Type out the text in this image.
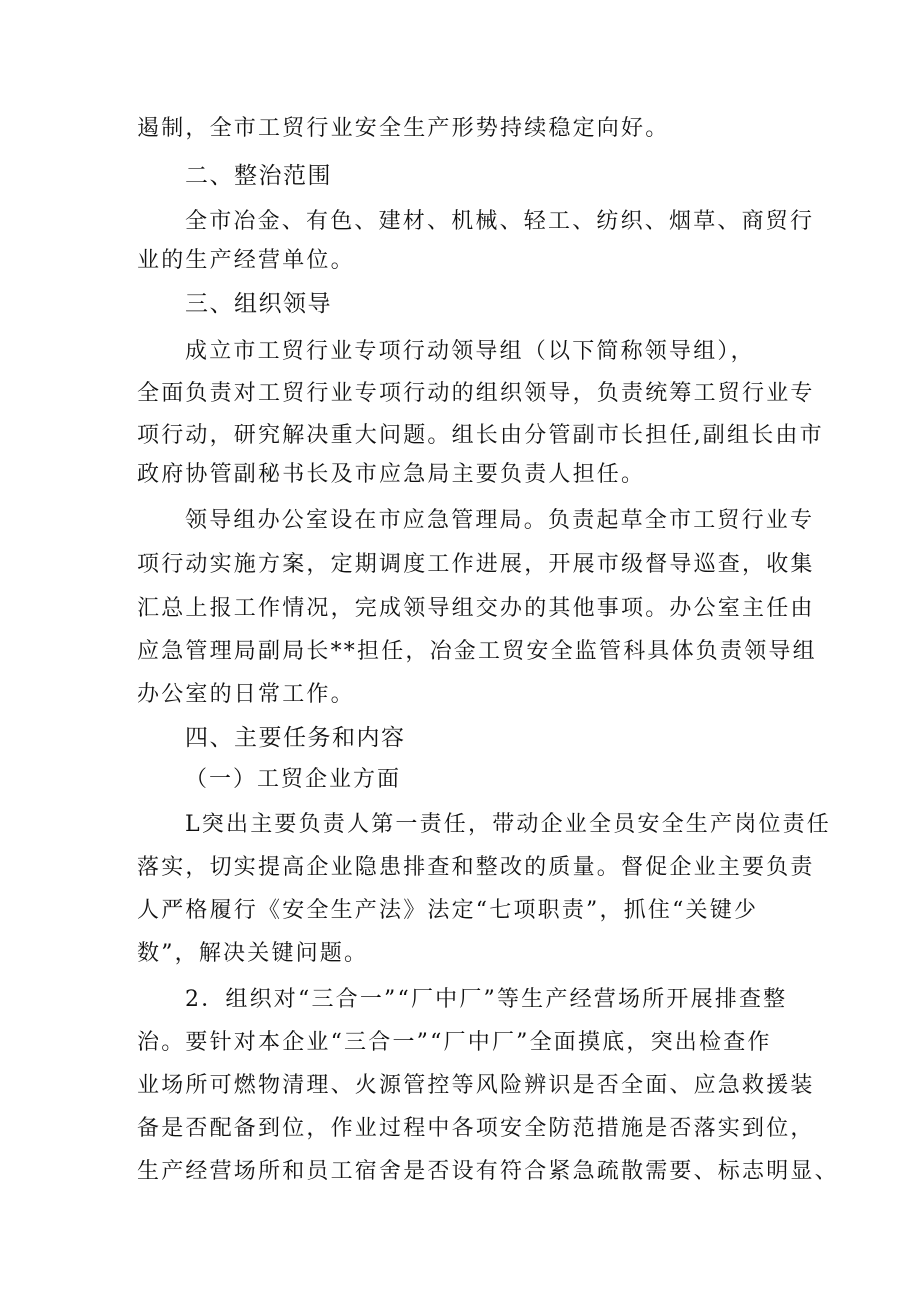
遏制，全市工贸行业安全生产形势持续稳定向好。
二、整治范围
全市冶金、有色、建材、机械、轻工、纺织、烟草、商贸行
业的生产经营单位。
三、组织领导
成立市工贸行业专项行动领导组（以下简称领导组），
全面负责对工贸行业专项行动的组织领导，负责统筹工贸行业专
项行动，研究解决重大问题。组长由分管副市长担任,副组长由市
政府协管副秘书长及市应急局主要负责人担任。
领导组办公室设在市应急管理局。负责起草全市工贸行业专
项行动实施方案，定期调度工作进展，开展市级督导巡查，收集
汇总上报工作情况，完成领导组交办的其他事项。办公室主任由
应急管理局副局长**担任，冶金工贸安全监管科具体负责领导组
办公室的日常工作。
四、主要任务和内容
（一）工贸企业方面
L突出主要负责人第一责任，带动企业全员安全生产岗位责任
落实，切实提高企业隐患排查和整改的质量。督促企业主要负责
人严格履行《安全生产法》法定“七项职责”，抓住“关键少
数”，解决关键问题。
2．组织对“三合一”“厂中厂”等生产经营场所开展排查整
治。要针对本企业“三合一”“厂中厂”全面摸底，突出检查作
业场所可燃物清理、火源管控等风险辨识是否全面、应急救援装
备是否配备到位，作业过程中各项安全防范措施是否落实到位，
生产经营场所和员工宿舍是否设有符合紧急疏散需要、标志明显、
